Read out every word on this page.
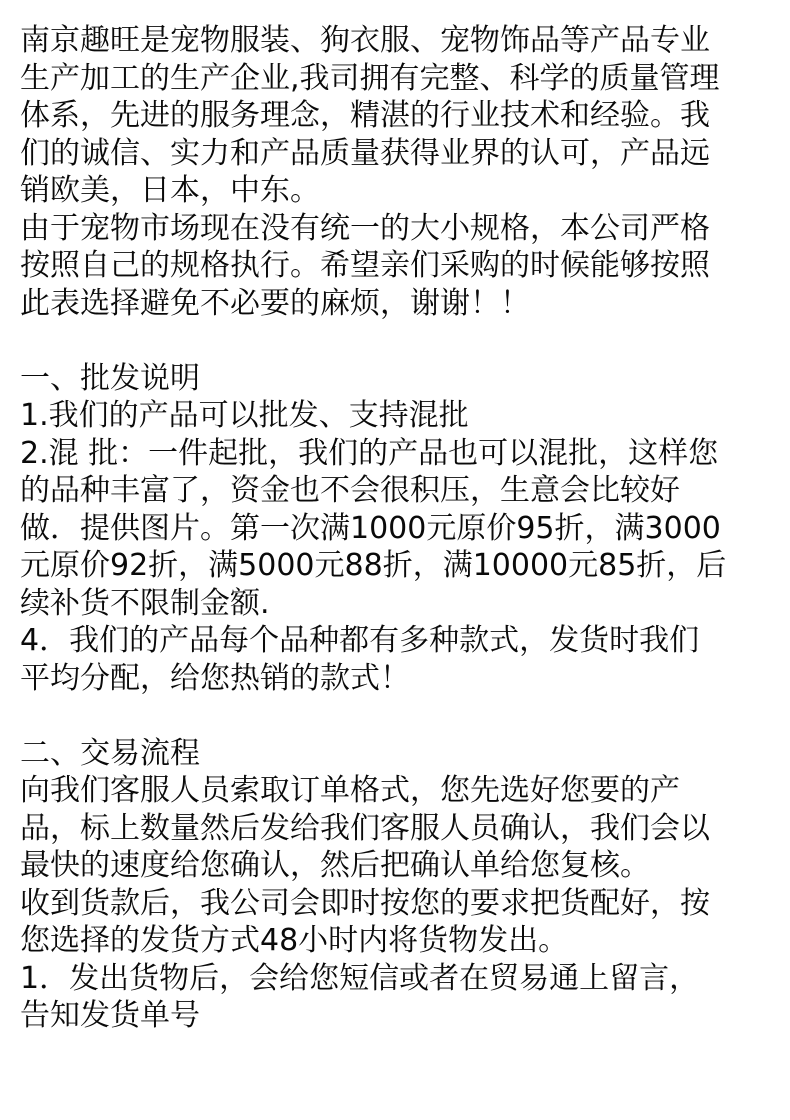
南京趣旺是宠物服装、狗衣服、宠物饰品等产品专业
生产加工的生产企业,我司拥有完整、科学的质量管理
体系，先进的服务理念，精湛的行业技术和经验。我
们的诚信、实力和产品质量获得业界的认可，产品远
销欧美，日本，中东。
由于宠物市场现在没有统一的大小规格，本公司严格
按照自己的规格执行。希望亲们采购的时候能够按照
此表选择避免不必要的麻烦，谢谢！！
一、批发说明
1.我们的产品可以批发、支持混批
2.混 批：一件起批，我们的产品也可以混批，这样您
的品种丰富了，资金也不会很积压，生意会比较好
做．提供图片。第一次满1000元原价95折，满3000
元原价92折，满5000元88折，满10000元85折，后
续补货不限制金额.
4．我们的产品每个品种都有多种款式，发货时我们
平均分配，给您热销的款式！
二、交易流程
向我们客服人员索取订单格式，您先选好您要的产
品，标上数量然后发给我们客服人员确认，我们会以
最快的速度给您确认，然后把确认单给您复核。
收到货款后，我公司会即时按您的要求把货配好，按
您选择的发货方式48小时内将货物发出。
1．发出货物后，会给您短信或者在贸易通上留言，
告知发货单号
